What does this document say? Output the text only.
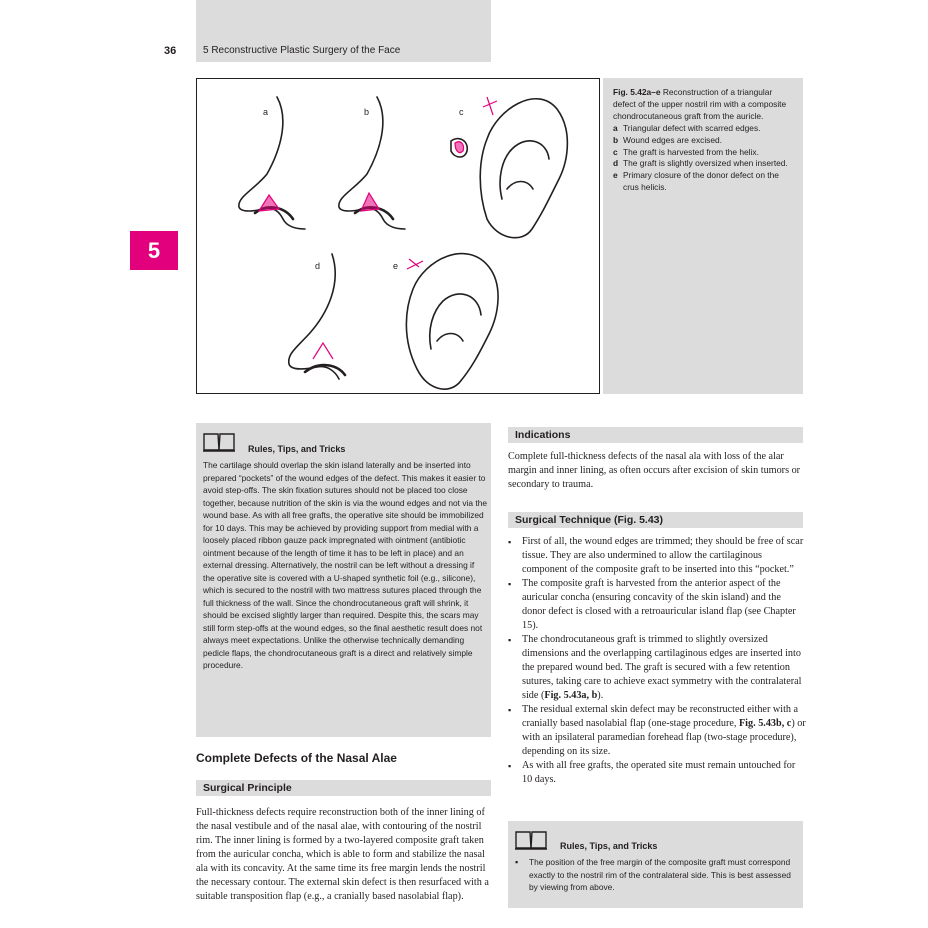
36	5 Reconstructive Plastic Surgery of the Face
5
a	b	c
d	e

Fig. 5.42a–e Reconstruction of a triangular defect of the upper nostril rim with a composite chondrocutaneous graft from the auricle.

a Triangular defect with scarred edges.
b Wound edges are excised.
c The graft is harvested from the helix.
d The graft is slightly oversized when inserted.
e Primary closure of the donor defect on the crus helicis.
Rules, Tips, and Tricks
The cartilage should overlap the skin island laterally and be inserted into prepared “pockets” of the wound edges of the defect. This makes it easier to avoid step-offs. The skin fixation sutures should not be placed too close together, because nutrition of the skin is via the wound edges and not via the wound base. As with all free grafts, the operative site should be immobilized for 10 days. This may be achieved by providing support from medial with a loosely placed ribbon gauze pack impregnated with ointment (antibiotic ointment because of the length of time it has to be left in place) and an external dressing. Alternatively, the nostril can be left without a dressing if the operative site is covered with a U-shaped synthetic foil (e.g., silicone), which is secured to the nostril with two mattress sutures placed through the full thickness of the wall. Since the chondrocutaneous graft will shrink, it should be excised slightly larger than required. Despite this, the scars may still form step-offs at the wound edges, so the final aesthetic result does not always meet expectations. Unlike the otherwise technically demanding pedicle flaps, the chondrocutaneous graft is a direct and relatively simple procedure.
Complete Defects of the Nasal Alae
Surgical Principle
Full-thickness defects require reconstruction both of the inner lining of the nasal vestibule and of the nasal alae, with contouring of the nostril rim. The inner lining is formed by a two-layered composite graft taken from the auricular concha, which is able to form and stabilize the nasal ala with its concavity. At the same time its free margin lends the nostril the necessary contour. The external skin defect is then resurfaced with a suitable transposition flap (e.g., a cranially based nasolabial flap).
Indications
Complete full-thickness defects of the nasal ala with loss of the alar margin and inner lining, as often occurs after excision of skin tumors or secondary to trauma.
Surgical Technique (Fig. 5.43)
▪ First of all, the wound edges are trimmed; they should be free of scar tissue. They are also undermined to allow the cartilaginous component of the composite graft to be inserted into this “pocket.”
▪ The composite graft is harvested from the anterior aspect of the auricular concha (ensuring concavity of the skin island) and the donor defect is closed with a retroauricular island flap (see Chapter 15).
▪ The chondrocutaneous graft is trimmed to slightly oversized dimensions and the overlapping cartilaginous edges are inserted into the prepared wound bed. The graft is secured with a few retention sutures, taking care to achieve exact symmetry with the contralateral side (Fig. 5.43a, b).
▪ The residual external skin defect may be reconstructed either with a cranially based nasolabial flap (one-stage procedure, Fig. 5.43b, c) or with an ipsilateral paramedian forehead flap (two-stage procedure), depending on its size.
▪ As with all free grafts, the operated site must remain untouched for 10 days.
Rules, Tips, and Tricks
▪ The position of the free margin of the composite graft must correspond exactly to the nostril rim of the contralateral side. This is best assessed by viewing from above.
